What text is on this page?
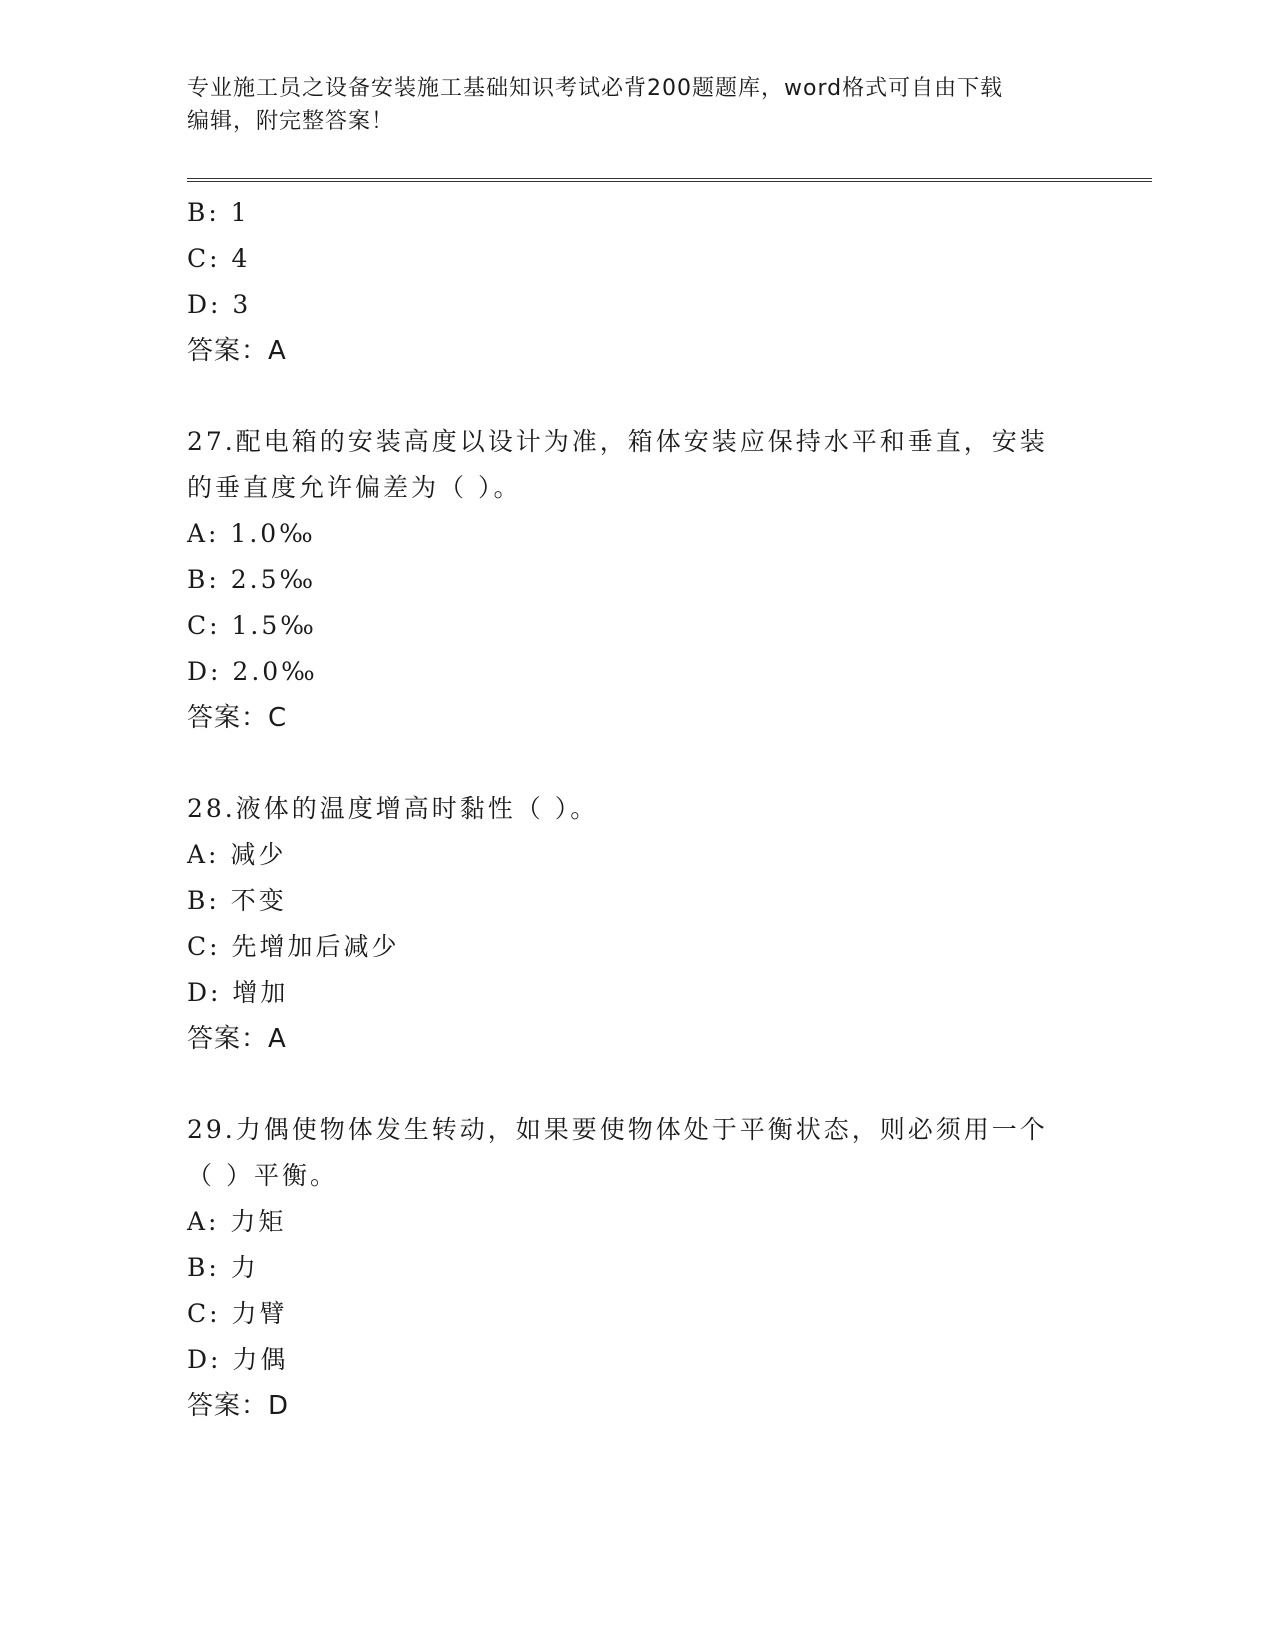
专业施工员之设备安装施工基础知识考试必背200题题库，word格式可自由下载
编辑，附完整答案！
B: 1
C: 4
D: 3
答案：A
27.配电箱的安装高度以设计为准，箱体安装应保持水平和垂直，安装
的垂直度允许偏差为（ ）。
A: 1.0‰
B: 2.5‰
C: 1.5‰
D: 2.0‰
答案：C
28.液体的温度增高时黏性（ ）。
A: 减少
B: 不变
C: 先增加后减少
D: 增加
答案：A
29.力偶使物体发生转动，如果要使物体处于平衡状态，则必须用一个
（ ）平衡。
A: 力矩
B: 力
C: 力臂
D: 力偶
答案：D
